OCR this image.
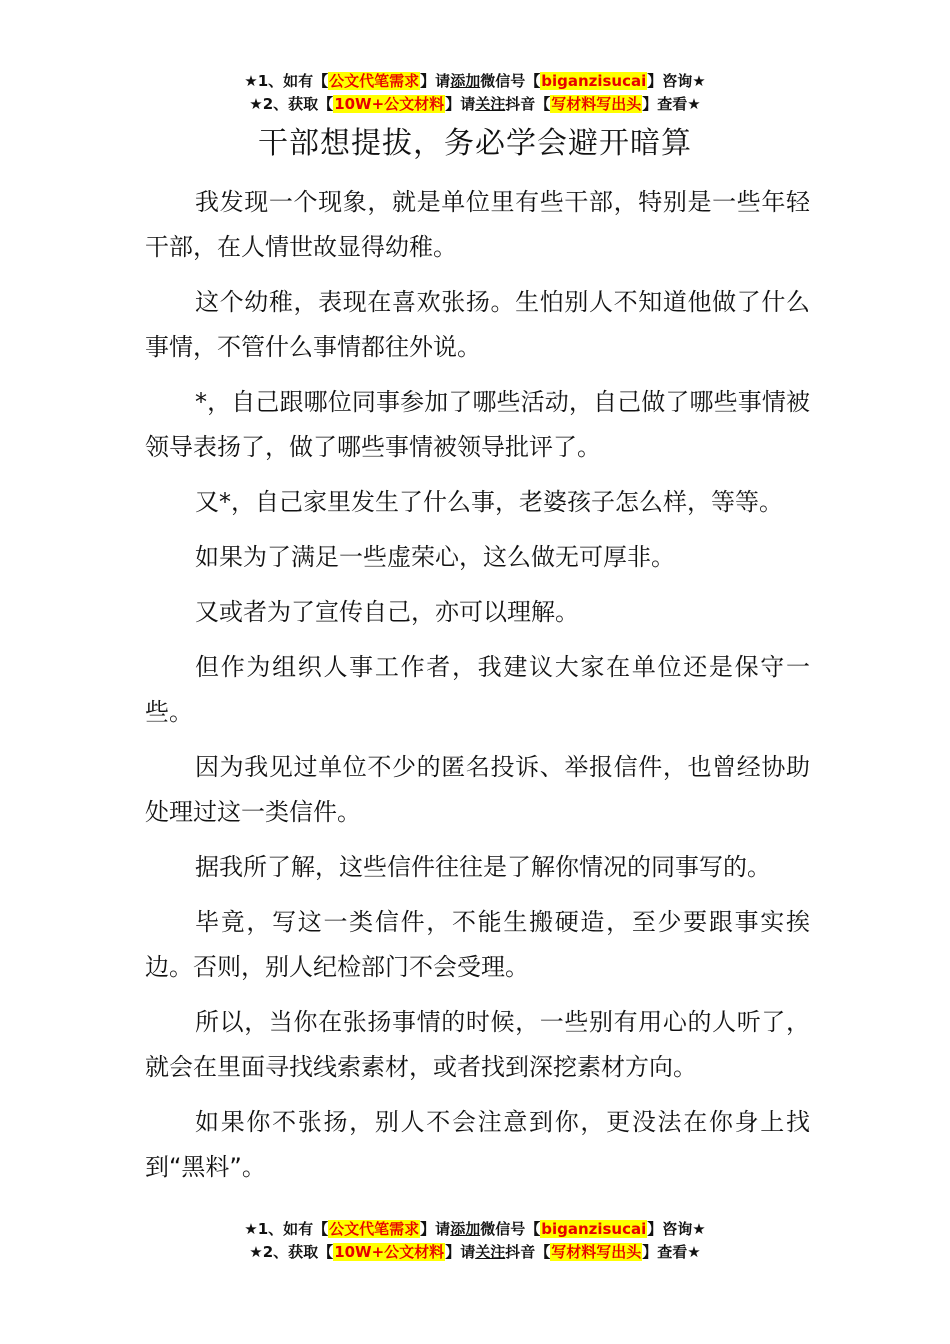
★1、如有【公文代笔需求】请添加微信号【biganzisucai】咨询★
★2、获取【10W+公文材料】请关注抖音【写材料写出头】查看★
干部想提拔，务必学会避开暗算

我发现一个现象，就是单位里有些干部，特别是一些年轻干部，在人情世故显得幼稚。

这个幼稚，表现在喜欢张扬。生怕别人不知道他做了什么事情，不管什么事情都往外说。

*，自己跟哪位同事参加了哪些活动，自己做了哪些事情被领导表扬了，做了哪些事情被领导批评了。

又*，自己家里发生了什么事，老婆孩子怎么样，等等。

如果为了满足一些虚荣心，这么做无可厚非。

又或者为了宣传自己，亦可以理解。

但作为组织人事工作者，我建议大家在单位还是保守一些。

因为我见过单位不少的匿名投诉、举报信件，也曾经协助处理过这一类信件。

据我所了解，这些信件往往是了解你情况的同事写的。

毕竟，写这一类信件，不能生搬硬造，至少要跟事实挨边。否则，别人纪检部门不会受理。

所以，当你在张扬事情的时候，一些别有用心的人听了，就会在里面寻找线索素材，或者找到深挖素材方向。

如果你不张扬，别人不会注意到你，更没法在你身上找到“黑料”。

★1、如有【公文代笔需求】请添加微信号【biganzisucai】咨询★
★2、获取【10W+公文材料】请关注抖音【写材料写出头】查看★
